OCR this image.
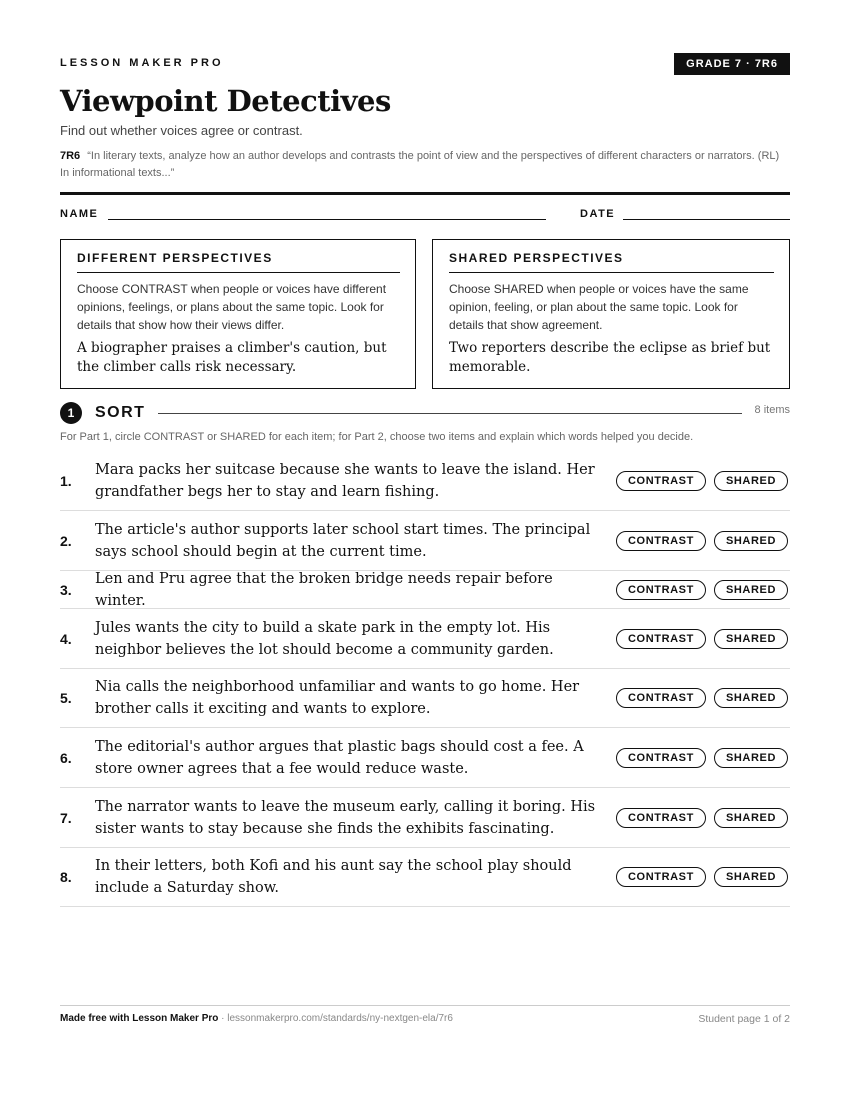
LESSON MAKER PRO	GRADE 7 · 7R6
Viewpoint Detectives
Find out whether voices agree or contrast.
7R6 “In literary texts, analyze how an author develops and contrasts the point of view and the perspectives of different characters or narrators. (RL) In informational texts...”
NAME	DATE
DIFFERENT PERSPECTIVES
Choose CONTRAST when people or voices have different opinions, feelings, or plans about the same topic. Look for details that show how their views differ.
A biographer praises a climber's caution, but the climber calls risk necessary.
SHARED PERSPECTIVES
Choose SHARED when people or voices have the same opinion, feeling, or plan about the same topic. Look for details that show agreement.
Two reporters describe the eclipse as brief but memorable.
1	SORT	8 items
For Part 1, circle CONTRAST or SHARED for each item; for Part 2, choose two items and explain which words helped you decide.
1.
Mara packs her suitcase because she wants to leave the island. Her grandfather begs her to stay and learn fishing.
CONTRAST	SHARED
2.
The article's author supports later school start times. The principal says school should begin at the current time.
CONTRAST	SHARED
3.
Len and Pru agree that the broken bridge needs repair before winter.
CONTRAST	SHARED
4.
Jules wants the city to build a skate park in the empty lot. His neighbor believes the lot should become a community garden.
CONTRAST	SHARED
5.
Nia calls the neighborhood unfamiliar and wants to go home. Her brother calls it exciting and wants to explore.
CONTRAST	SHARED
6.
The editorial's author argues that plastic bags should cost a fee. A store owner agrees that a fee would reduce waste.
CONTRAST	SHARED
7.
The narrator wants to leave the museum early, calling it boring. His sister wants to stay because she finds the exhibits fascinating.
CONTRAST	SHARED
8.
In their letters, both Kofi and his aunt say the school play should include a Saturday show.
CONTRAST	SHARED
Made free with Lesson Maker Pro · lessonmakerpro.com/standards/ny-nextgen-ela/7r6	Student page 1 of 2
